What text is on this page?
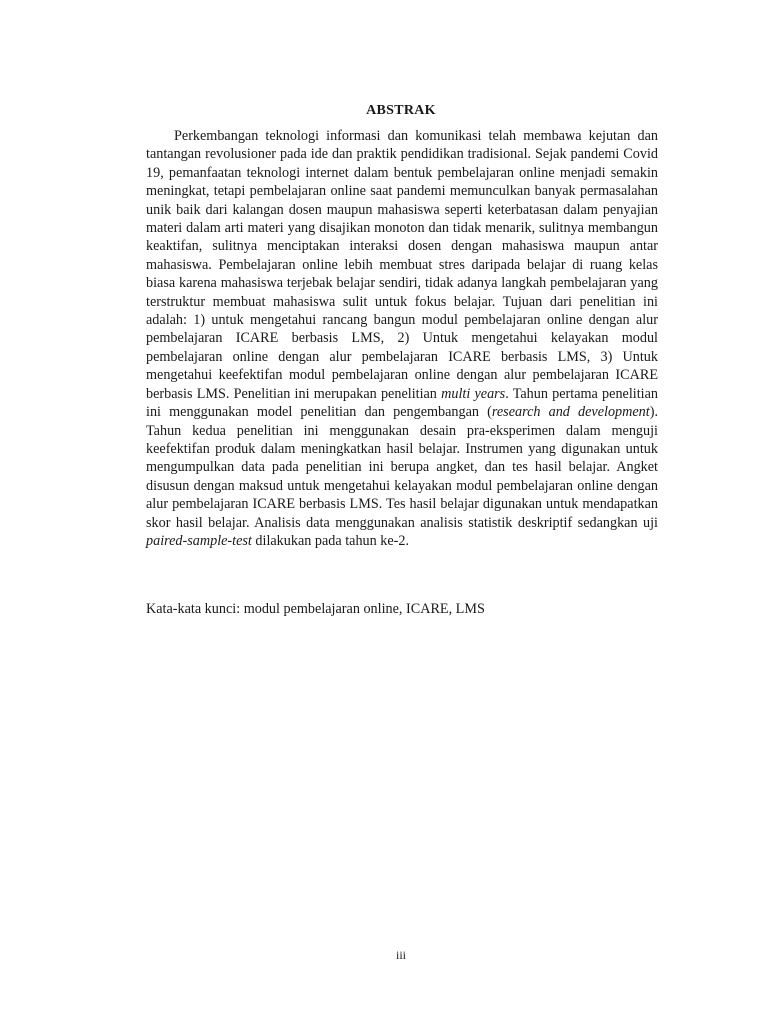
ABSTRAK

Perkembangan teknologi informasi dan komunikasi telah membawa kejutan dan tantangan revolusioner pada ide dan praktik pendidikan tradisional. Sejak pandemi Covid 19, pemanfaatan teknologi internet dalam bentuk pembelajaran online menjadi semakin meningkat, tetapi pembelajaran online saat pandemi memunculkan banyak permasalahan unik baik dari kalangan dosen maupun mahasiswa seperti keterbatasan dalam penyajian materi dalam arti materi yang disajikan monoton dan tidak menarik, sulitnya membangun keaktifan, sulitnya menciptakan interaksi dosen dengan mahasiswa maupun antar mahasiswa. Pembelajaran online lebih membuat stres daripada belajar di ruang kelas biasa karena mahasiswa terjebak belajar sendiri, tidak adanya langkah pembelajaran yang terstruktur membuat mahasiswa sulit untuk fokus belajar. Tujuan dari penelitian ini adalah: 1) untuk mengetahui rancang bangun modul pembelajaran online dengan alur pembelajaran ICARE berbasis LMS, 2) Untuk mengetahui kelayakan modul pembelajaran online dengan alur pembelajaran ICARE berbasis LMS, 3) Untuk mengetahui keefektifan modul pembelajaran online dengan alur pembelajaran ICARE berbasis LMS. Penelitian ini merupakan penelitian multi years. Tahun pertama penelitian ini menggunakan model penelitian dan pengembangan (research and development). Tahun kedua penelitian ini menggunakan desain pra-eksperimen dalam menguji keefektifan produk dalam meningkatkan hasil belajar. Instrumen yang digunakan untuk mengumpulkan data pada penelitian ini berupa angket, dan tes hasil belajar. Angket disusun dengan maksud untuk mengetahui kelayakan modul pembelajaran online dengan alur pembelajaran ICARE berbasis LMS. Tes hasil belajar digunakan untuk mendapatkan skor hasil belajar. Analisis data menggunakan analisis statistik deskriptif sedangkan uji paired-sample-test dilakukan pada tahun ke-2.

Kata-kata kunci: modul pembelajaran online, ICARE, LMS

iii
